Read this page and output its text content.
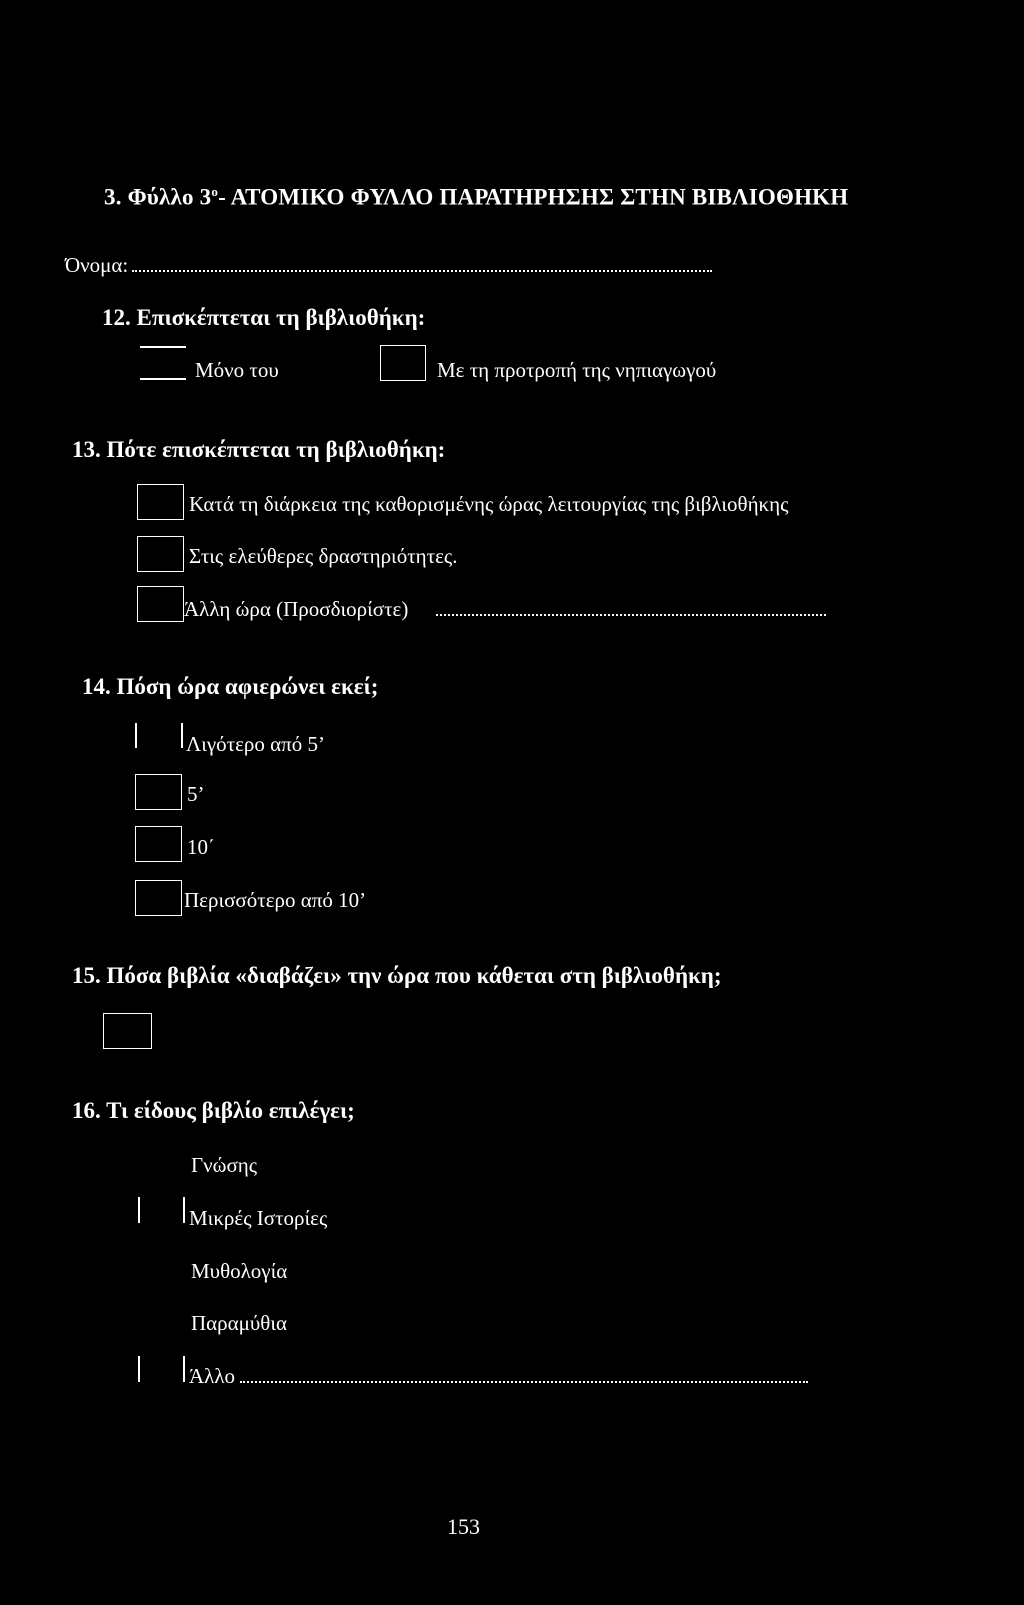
3. Φύλλο $3^o-$ ΑΤΟΜΙΚΟ ΦΥΛΛΟ ΠΑΡΑΤΗΡΗΣΗΣ ΣΤΗΝ ΒΙΒΛΙΟΘΗΚΗ
Όνομα:
12. Επισκέπτεται τη βιβλιοθήκη:
Μόνο του	Με τη προτροπή της νηπιαγωγού
13. Πότε επισκέπτεται τη βιβλιοθήκη:
Κατά τη διάρκεια της καθορισμένης ώρας λειτουργίας της βιβλιοθήκης
Στις ελεύθερες δραστηριότητες.
Άλλη ώρα (Προσδιορίστε)
14. Πόση ώρα αφιερώνει εκεί;
Λιγότερο από 5’
5’
10΄
Περισσότερο από 10’
15. Πόσα βιβλία «διαβάζει» την ώρα που κάθεται στη βιβλιοθήκη;
16. Τι είδους βιβλίο επιλέγει;
Γνώσης
Μικρές Ιστορίες
Μυθολογία
Παραμύθια
Άλλο
153
